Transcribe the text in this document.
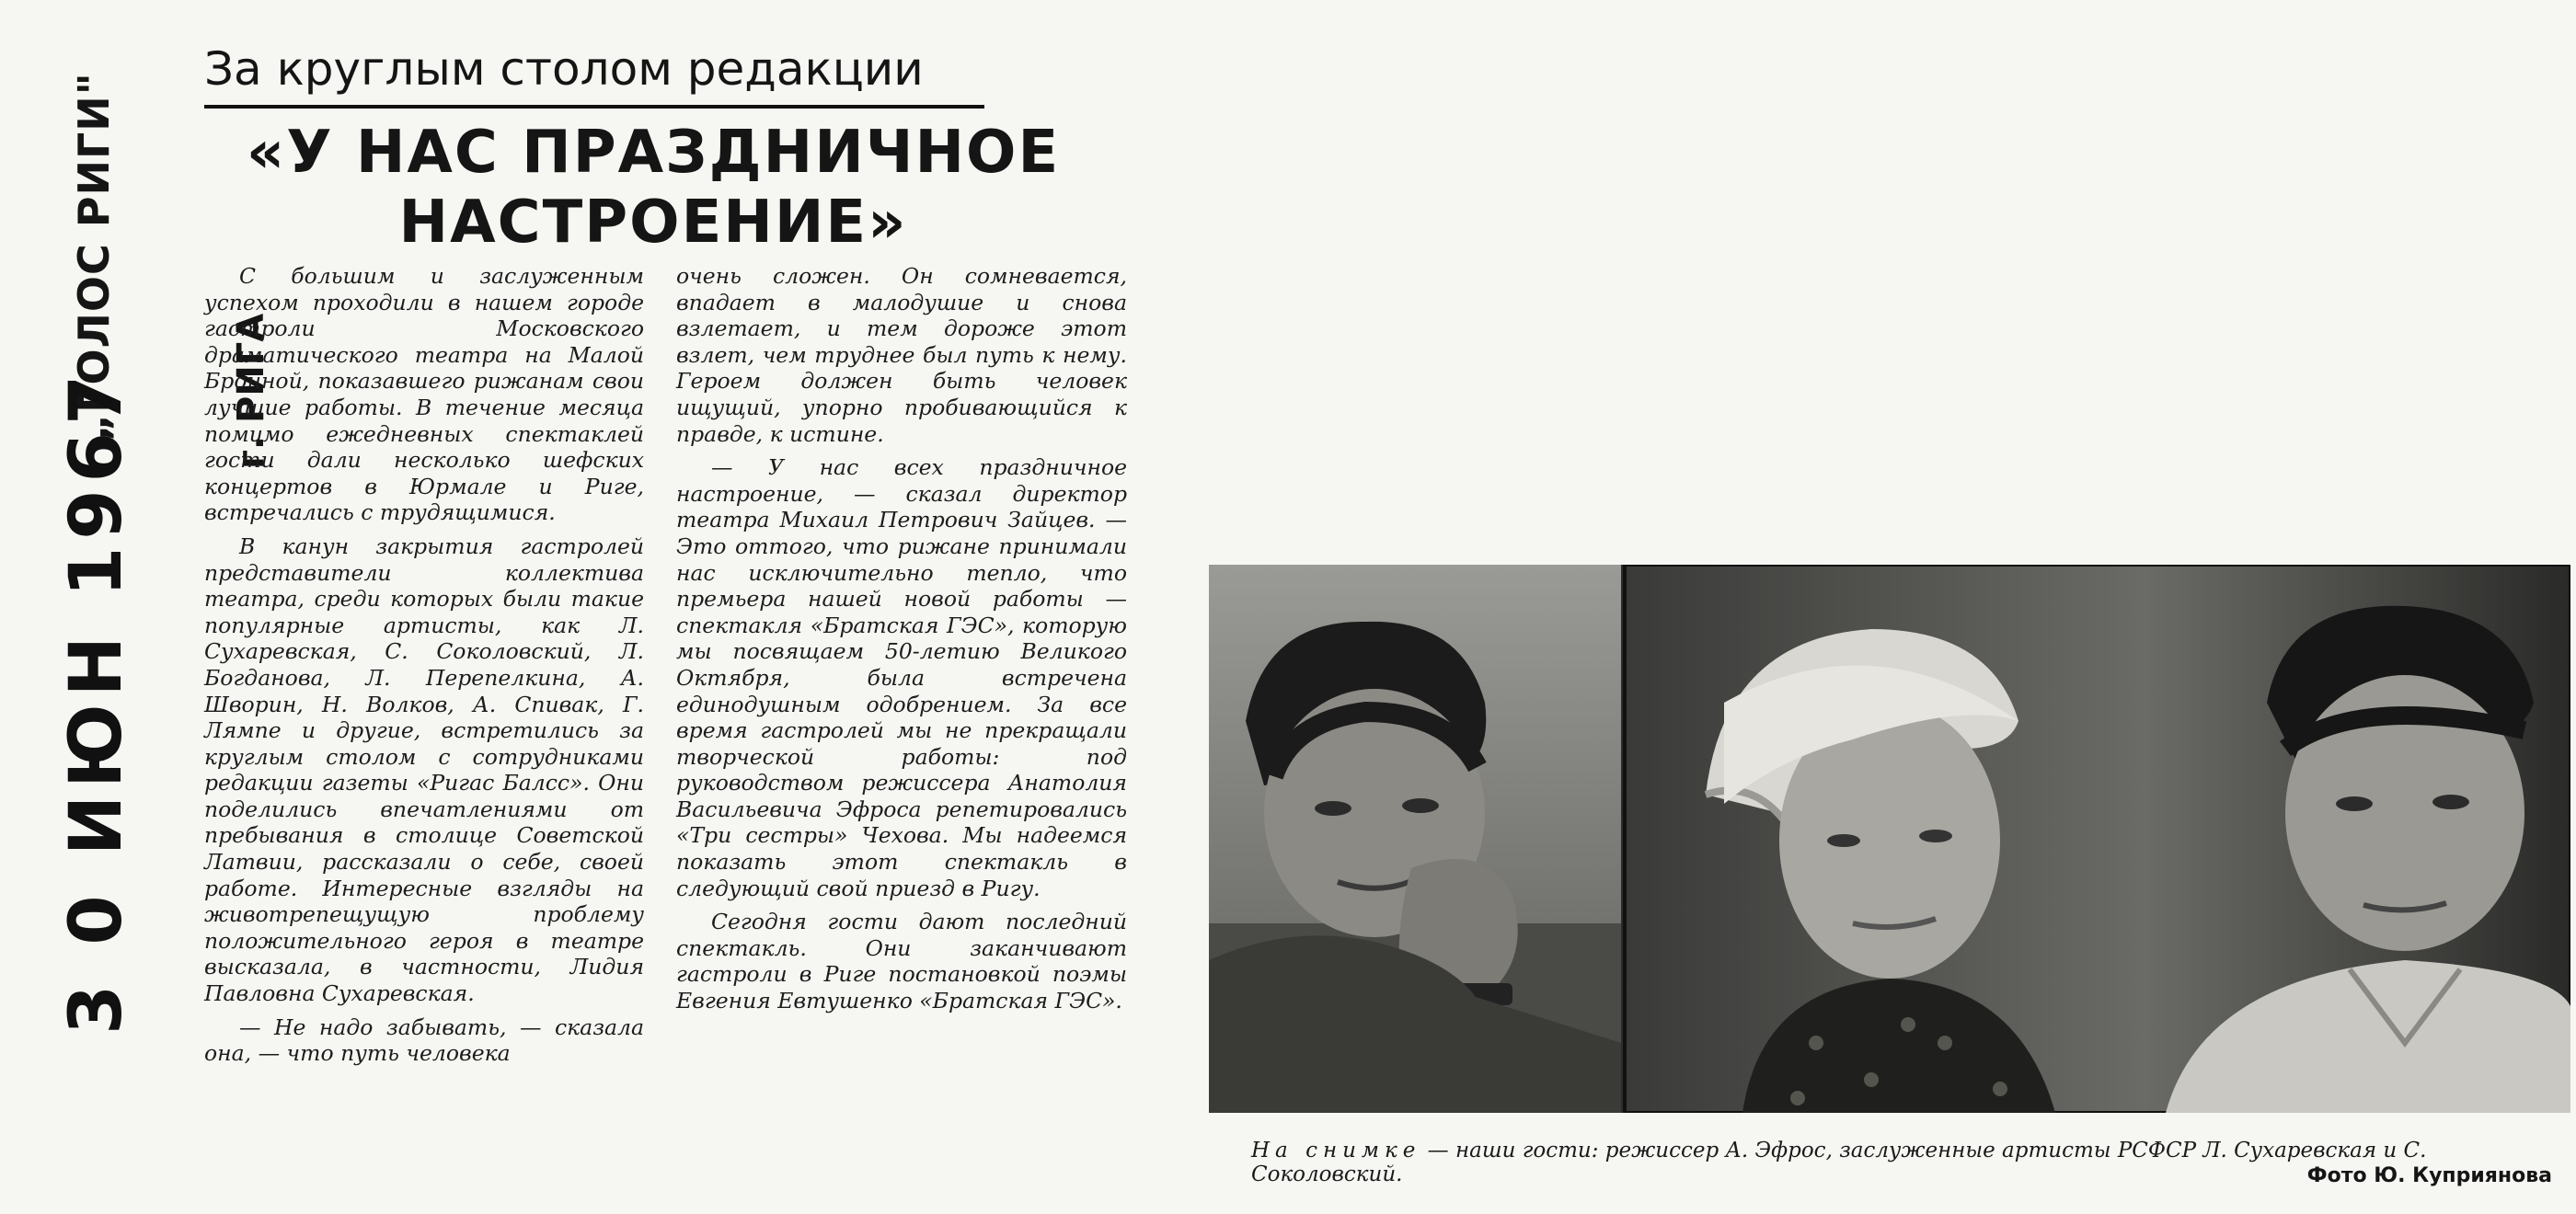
„ГОЛОС РИГИ"	г. РИГА
3 0 ИЮН 1967
За круглым столом редакции
«У НАС ПРАЗДНИЧНОЕ
НАСТРОЕНИЕ»

С большим и заслуженным успехом проходили в нашем городе гастроли Московского драматического театра на Малой Бронной, показавшего рижанам свои лучшие работы. В течение месяца помимо ежедневных спектаклей гости дали несколько шефских концертов в Юрмале и Риге, встречались с трудящимися.

В канун закрытия гастролей представители коллектива театра, среди которых были такие популярные артисты, как Л. Сухаревская, С. Соколовский, Л. Богданова, Л. Перепелкина, А. Шворин, Н. Волков, А. Спивак, Г. Лямпе и другие, встретились за круглым столом с сотрудниками редакции газеты «Ригас Балсс». Они поделились впечатлениями от пребывания в столице Советской Латвии, рассказали о себе, своей работе. Интересные взгляды на животрепещущую проблему положительного героя в театре высказала, в частности, Лидия Павловна Сухаревская.

— Не надо забывать, — сказала она, — что путь человека

очень сложен. Он сомневается, впадает в малодушие и снова взлетает, и тем дороже этот взлет, чем труднее был путь к нему. Героем должен быть человек ищущий, упорно пробивающийся к правде, к истине.

— У нас всех праздничное настроение, — сказал директор театра Михаил Петрович Зайцев. — Это оттого, что рижане принимали нас исключительно тепло, что премьера нашей новой работы — спектакля «Братская ГЭС», которую мы посвящаем 50-летию Великого Октября, была встречена единодушным одобрением. За все время гастролей мы не прекращали творческой работы: под руководством режиссера Анатолия Васильевича Эфроса репетировались «Три сестры» Чехова. Мы надеемся показать этот спектакль в следующий свой приезд в Ригу.

Сегодня гости дают последний спектакль. Они заканчивают гастроли в Риге постановкой поэмы Евгения Евтушенко «Братская ГЭС».

На снимке — наши гости: режиссер А. Эфрос, заслуженные артисты РСФСР Л. Сухаревская и С. Соколовский.	Фото Ю. Куприянова
